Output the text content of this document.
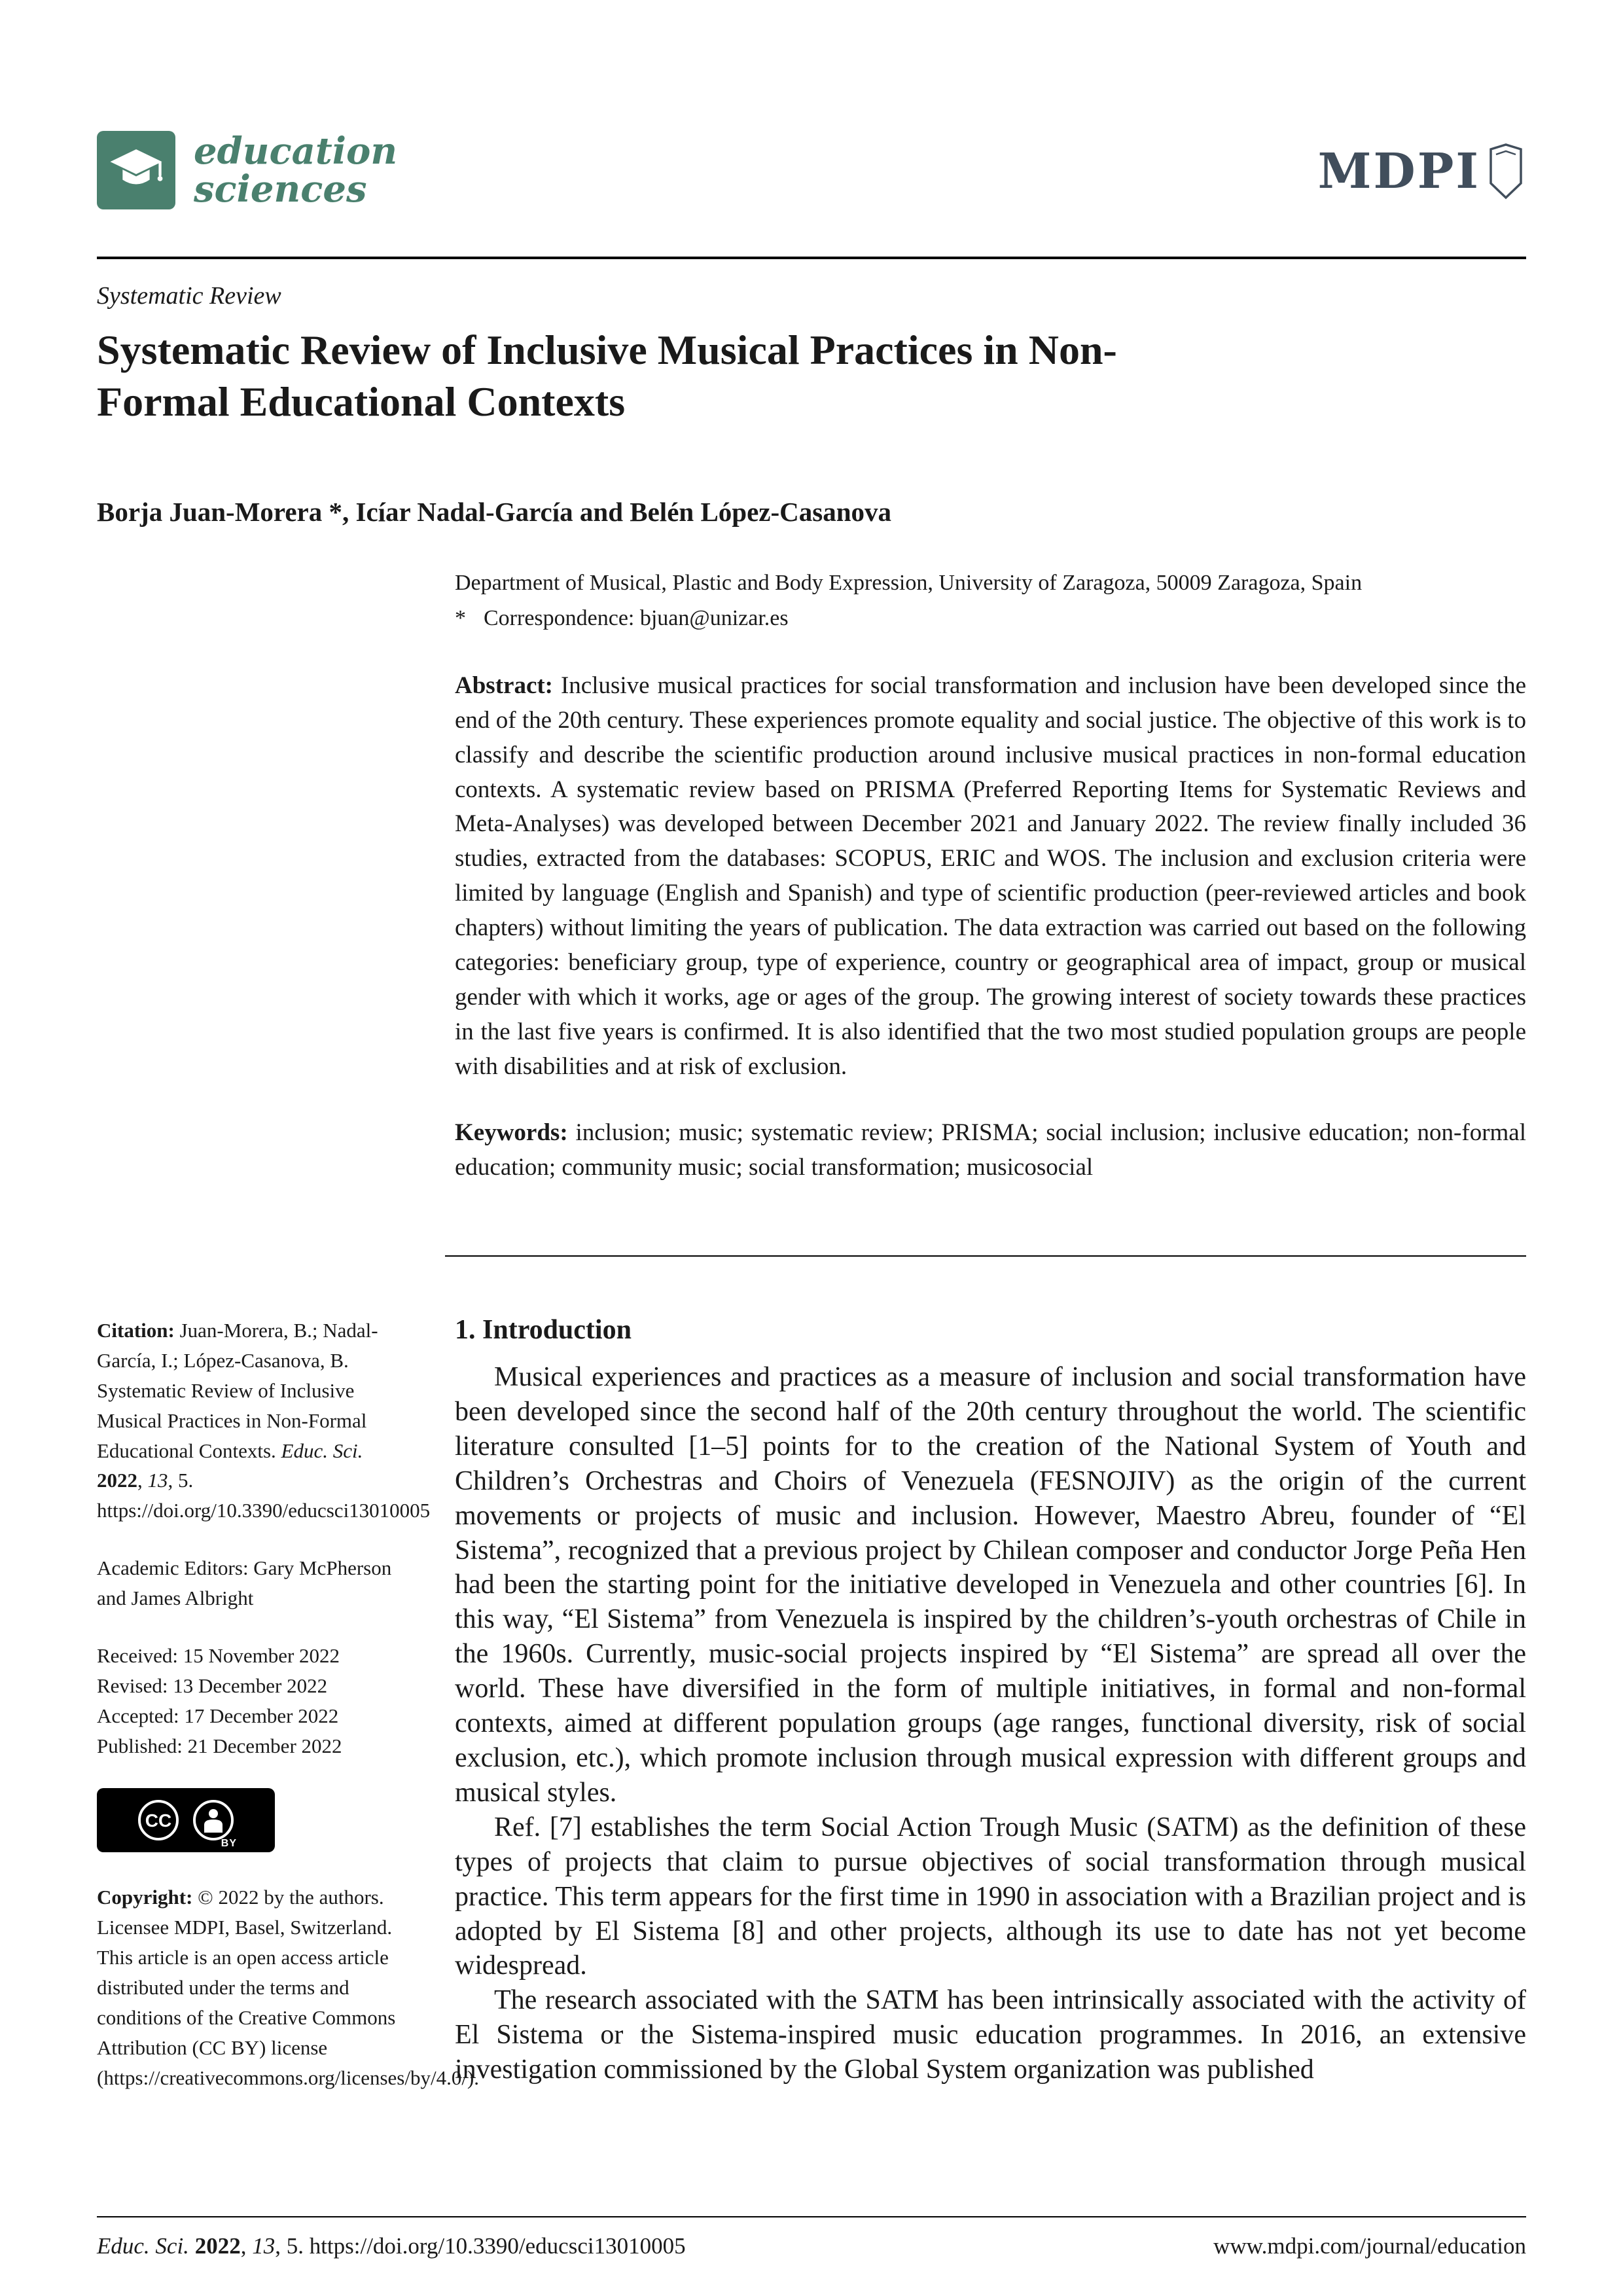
education
sciences	MDPI
Systematic Review
Systematic Review of Inclusive Musical Practices in Non-Formal Educational Contexts
Borja Juan-Morera *, Icíar Nadal-García and Belén López-Casanova
Department of Musical, Plastic and Body Expression, University of Zaragoza, 50009 Zaragoza, Spain
* Correspondence: bjuan@unizar.es

Abstract: Inclusive musical practices for social transformation and inclusion have been developed since the end of the 20th century. These experiences promote equality and social justice. The objective of this work is to classify and describe the scientific production around inclusive musical practices in non-formal education contexts. A systematic review based on PRISMA (Preferred Reporting Items for Systematic Reviews and Meta-Analyses) was developed between December 2021 and January 2022. The review finally included 36 studies, extracted from the databases: SCOPUS, ERIC and WOS. The inclusion and exclusion criteria were limited by language (English and Spanish) and type of scientific production (peer-reviewed articles and book chapters) without limiting the years of publication. The data extraction was carried out based on the following categories: beneficiary group, type of experience, country or geographical area of impact, group or musical gender with which it works, age or ages of the group. The growing interest of society towards these practices in the last five years is confirmed. It is also identified that the two most studied population groups are people with disabilities and at risk of exclusion.

Keywords: inclusion; music; systematic review; PRISMA; social inclusion; inclusive education; non-formal education; community music; social transformation; musicosocial

Citation: Juan-Morera, B.; Nadal-García, I.; López-Casanova, B. Systematic Review of Inclusive Musical Practices in Non-Formal Educational Contexts. Educ. Sci. 2022, 13, 5. https://doi.org/10.3390/educsci13010005

Academic Editors: Gary McPherson and James Albright

Received: 15 November 2022
Revised: 13 December 2022
Accepted: 17 December 2022
Published: 21 December 2022
CC
BY

Copyright: © 2022 by the authors. Licensee MDPI, Basel, Switzerland. This article is an open access article distributed under the terms and conditions of the Creative Commons Attribution (CC BY) license (https://creativecommons.org/licenses/by/4.0/).

1. Introduction

Musical experiences and practices as a measure of inclusion and social transformation have been developed since the second half of the 20th century throughout the world. The scientific literature consulted [1–5] points for to the creation of the National System of Youth and Children’s Orchestras and Choirs of Venezuela (FESNOJIV) as the origin of the current movements or projects of music and inclusion. However, Maestro Abreu, founder of “El Sistema”, recognized that a previous project by Chilean composer and conductor Jorge Peña Hen had been the starting point for the initiative developed in Venezuela and other countries [6]. In this way, “El Sistema” from Venezuela is inspired by the children’s-youth orchestras of Chile in the 1960s. Currently, music-social projects inspired by “El Sistema” are spread all over the world. These have diversified in the form of multiple initiatives, in formal and non-formal contexts, aimed at different population groups (age ranges, functional diversity, risk of social exclusion, etc.), which promote inclusion through musical expression with different groups and musical styles.

Ref. [7] establishes the term Social Action Trough Music (SATM) as the definition of these types of projects that claim to pursue objectives of social transformation through musical practice. This term appears for the first time in 1990 in association with a Brazilian project and is adopted by El Sistema [8] and other projects, although its use to date has not yet become widespread.

The research associated with the SATM has been intrinsically associated with the activity of El Sistema or the Sistema-inspired music education programmes. In 2016, an extensive investigation commissioned by the Global System organization was published

Educ. Sci. 2022, 13, 5. https://doi.org/10.3390/educsci13010005	www.mdpi.com/journal/education
